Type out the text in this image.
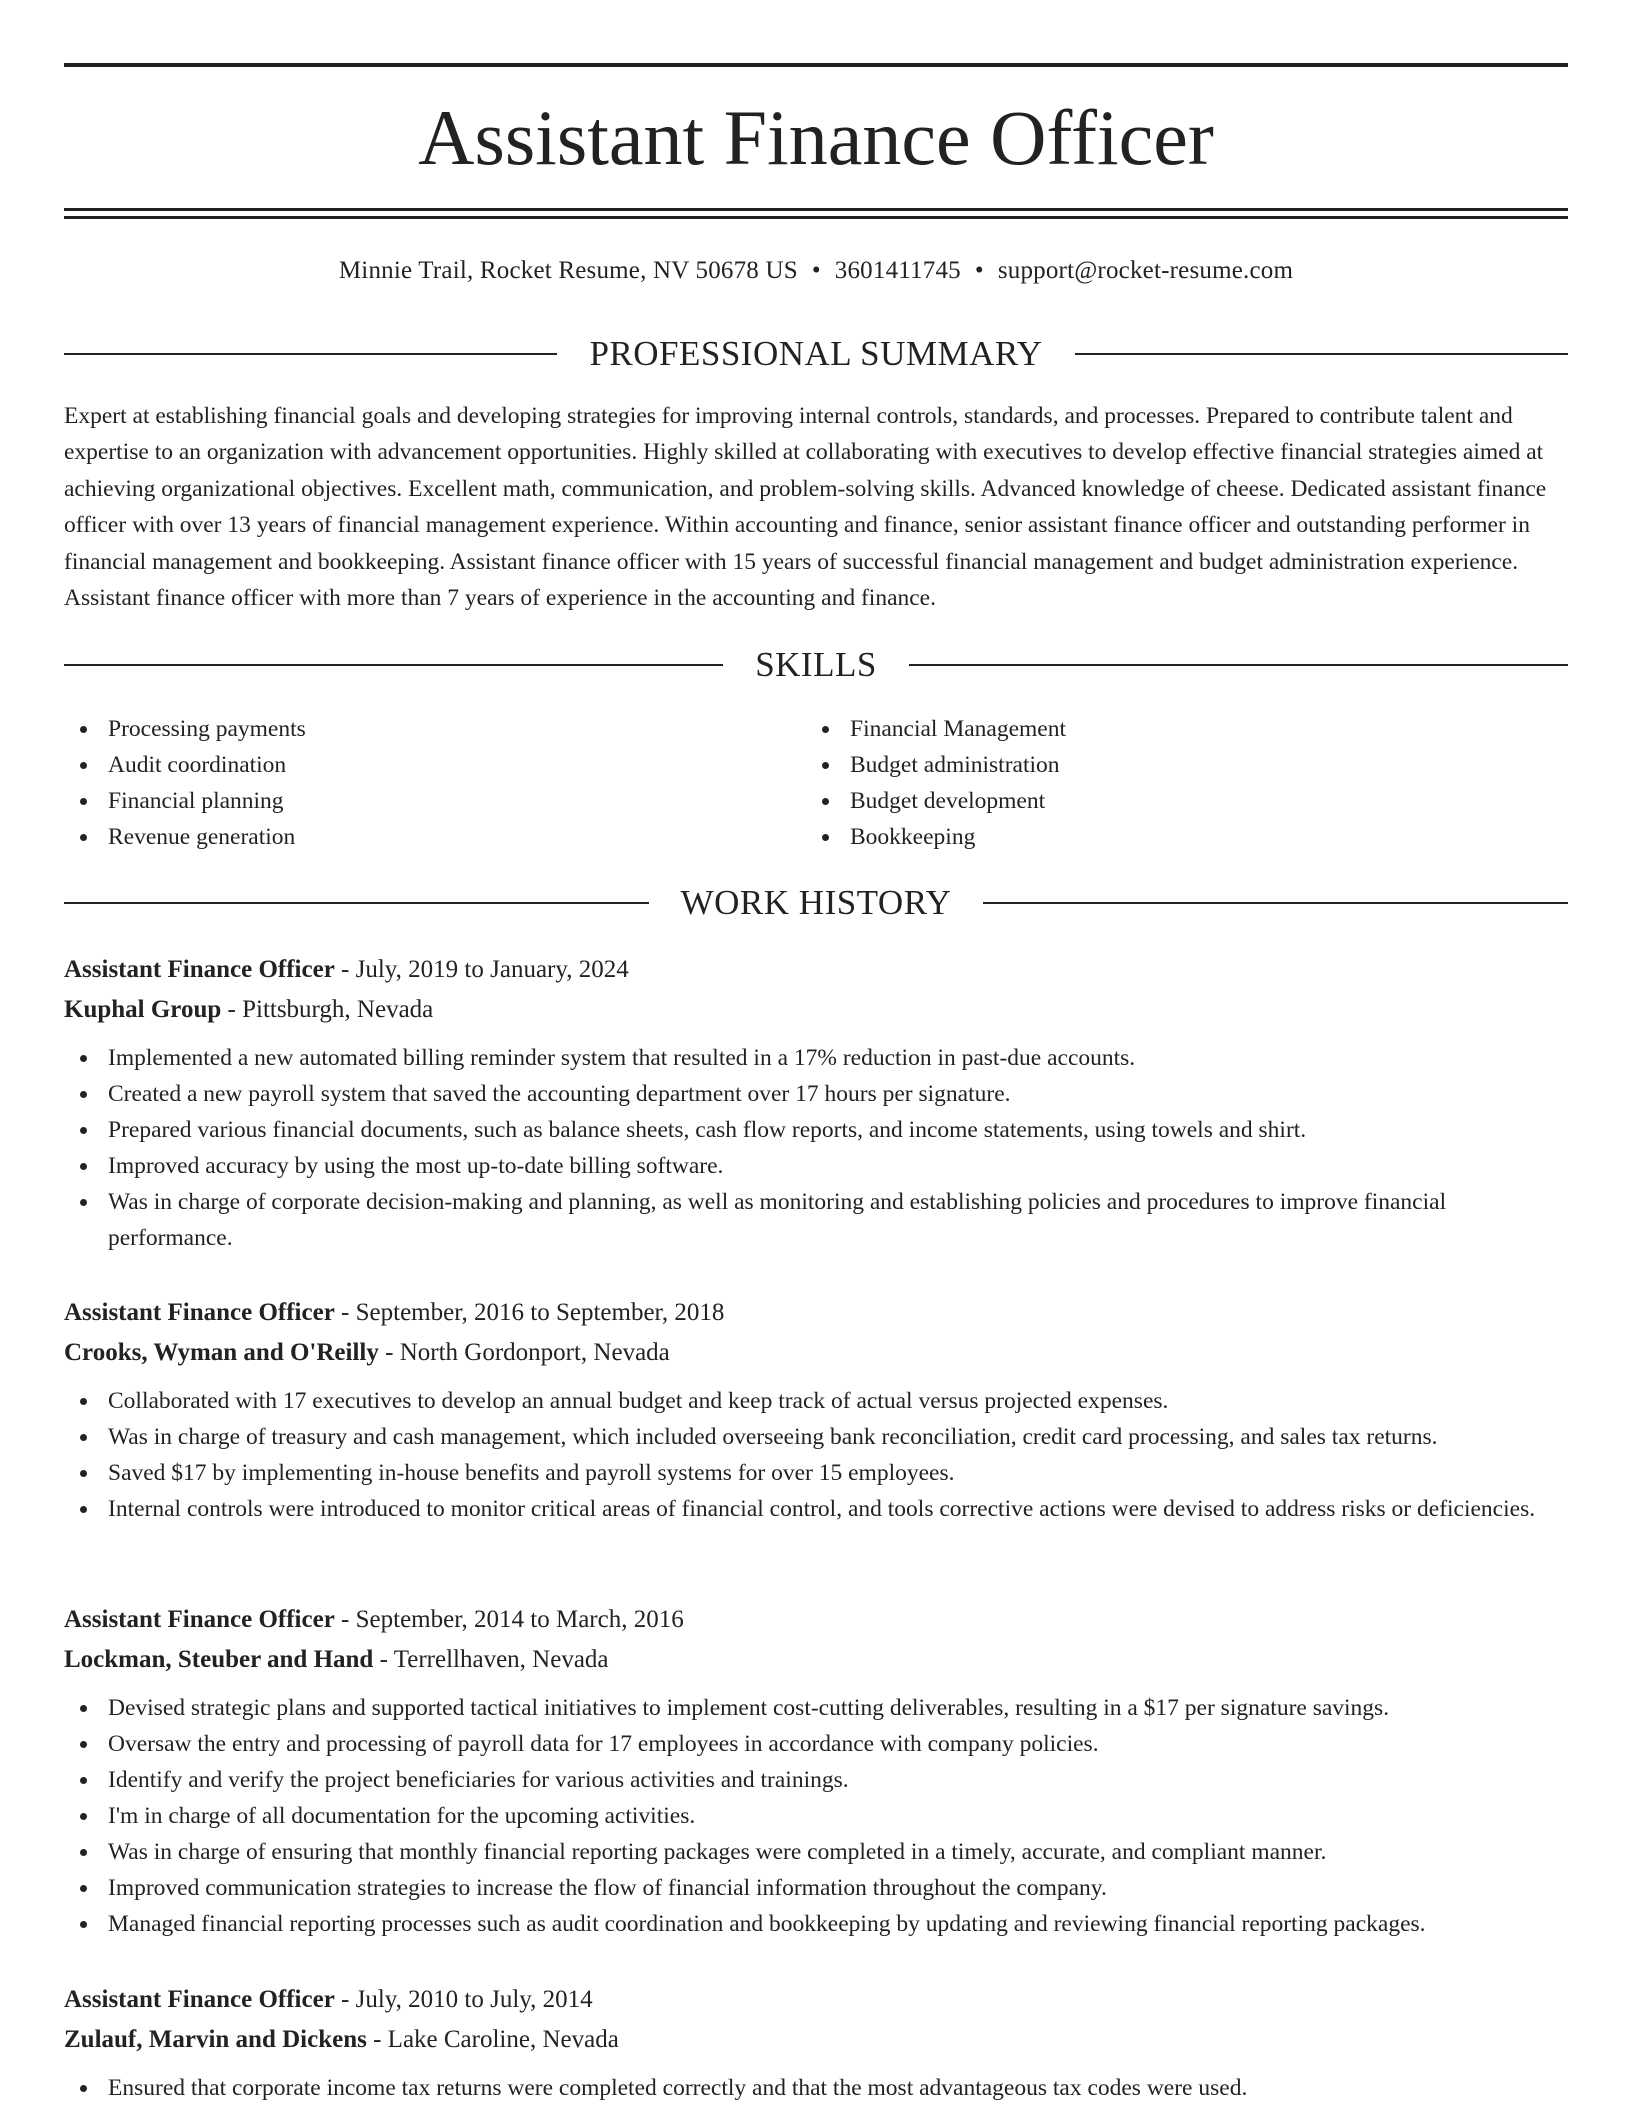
Assistant Finance Officer
Minnie Trail, Rocket Resume, NV 50678 US • 3601411745 • support@rocket-resume.com
PROFESSIONAL SUMMARY

Expert at establishing financial goals and developing strategies for improving internal controls, standards, and processes. Prepared to contribute talent and expertise to an organization with advancement opportunities. Highly skilled at collaborating with executives to develop effective financial strategies aimed at achieving organizational objectives. Excellent math, communication, and problem-solving skills. Advanced knowledge of cheese. Dedicated assistant finance officer with over 13 years of financial management experience. Within accounting and finance, senior assistant finance officer and outstanding performer in financial management and bookkeeping. Assistant finance officer with 15 years of successful financial management and budget administration experience. Assistant finance officer with more than 7 years of experience in the accounting and finance.

SKILLS
Processing payments
Audit coordination
Financial planning
Revenue generation
Financial Management
Budget administration
Budget development
Bookkeeping
WORK HISTORY

Assistant Finance Officer - July, 2019 to January, 2024

Kuphal Group - Pittsburgh, Nevada

Implemented a new automated billing reminder system that resulted in a 17% reduction in past-due accounts.
Created a new payroll system that saved the accounting department over 17 hours per signature.
Prepared various financial documents, such as balance sheets, cash flow reports, and income statements, using towels and shirt.
Improved accuracy by using the most up-to-date billing software.
Was in charge of corporate decision-making and planning, as well as monitoring and establishing policies and procedures to improve financial performance.

Assistant Finance Officer - September, 2016 to September, 2018

Crooks, Wyman and O'Reilly - North Gordonport, Nevada

Collaborated with 17 executives to develop an annual budget and keep track of actual versus projected expenses.
Was in charge of treasury and cash management, which included overseeing bank reconciliation, credit card processing, and sales tax returns.
Saved $17 by implementing in-house benefits and payroll systems for over 15 employees.
Internal controls were introduced to monitor critical areas of financial control, and tools corrective actions were devised to address risks or deficiencies.

Assistant Finance Officer - September, 2014 to March, 2016

Lockman, Steuber and Hand - Terrellhaven, Nevada

Devised strategic plans and supported tactical initiatives to implement cost-cutting deliverables, resulting in a $17 per signature savings.
Oversaw the entry and processing of payroll data for 17 employees in accordance with company policies.
Identify and verify the project beneficiaries for various activities and trainings.
I'm in charge of all documentation for the upcoming activities.
Was in charge of ensuring that monthly financial reporting packages were completed in a timely, accurate, and compliant manner.
Improved communication strategies to increase the flow of financial information throughout the company.
Managed financial reporting processes such as audit coordination and bookkeeping by updating and reviewing financial reporting packages.

Assistant Finance Officer - July, 2010 to July, 2014

Zulauf, Marvin and Dickens - Lake Caroline, Nevada

Ensured that corporate income tax returns were completed correctly and that the most advantageous tax codes were used.
